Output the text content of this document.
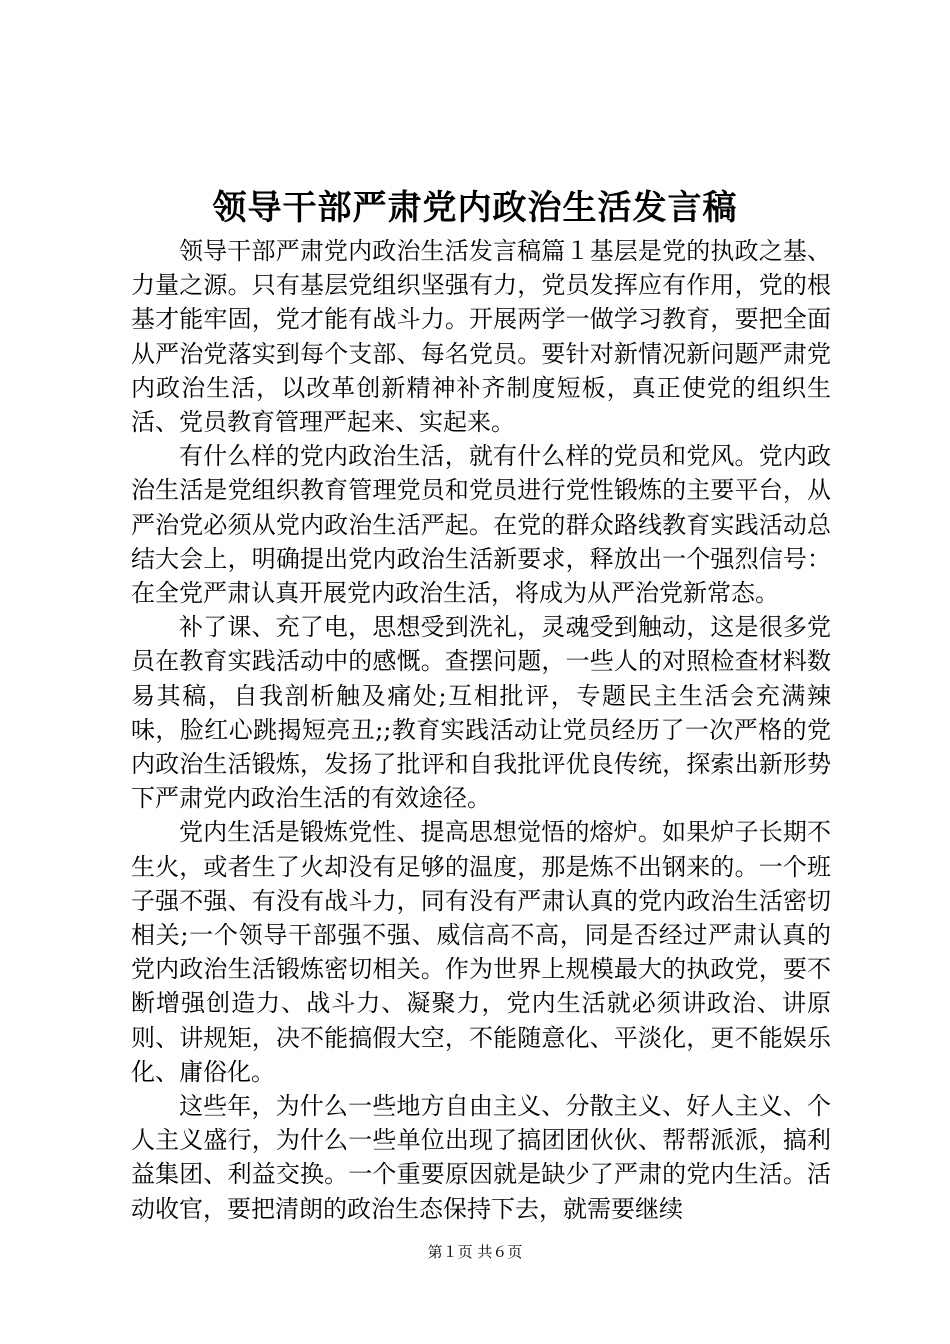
领导干部严肃党内政治生活发言稿

领导干部严肃党内政治生活发言稿篇１基层是党的执政之基、力量之源。只有基层党组织坚强有力，党员发挥应有作用，党的根基才能牢固，党才能有战斗力。开展两学一做学习教育，要把全面从严治党落实到每个支部、每名党员。要针对新情况新问题严肃党内政治生活，以改革创新精神补齐制度短板，真正使党的组织生活、党员教育管理严起来、实起来。

有什么样的党内政治生活，就有什么样的党员和党风。党内政治生活是党组织教育管理党员和党员进行党性锻炼的主要平台，从严治党必须从党内政治生活严起。在党的群众路线教育实践活动总结大会上，明确提出党内政治生活新要求，释放出一个强烈信号：在全党严肃认真开展党内政治生活，将成为从严治党新常态。

补了课、充了电，思想受到洗礼，灵魂受到触动，这是很多党员在教育实践活动中的感慨。查摆问题，一些人的对照检查材料数易其稿，自我剖析触及痛处;互相批评，专题民主生活会充满辣味，脸红心跳揭短亮丑;;教育实践活动让党员经历了一次严格的党内政治生活锻炼，发扬了批评和自我批评优良传统，探索出新形势下严肃党内政治生活的有效途径。

党内生活是锻炼党性、提高思想觉悟的熔炉。如果炉子长期不生火，或者生了火却没有足够的温度，那是炼不出钢来的。一个班子强不强、有没有战斗力，同有没有严肃认真的党内政治生活密切相关;一个领导干部强不强、威信高不高，同是否经过严肃认真的党内政治生活锻炼密切相关。作为世界上规模最大的执政党，要不断增强创造力、战斗力、凝聚力，党内生活就必须讲政治、讲原则、讲规矩，决不能搞假大空，不能随意化、平淡化，更不能娱乐化、庸俗化。

这些年，为什么一些地方自由主义、分散主义、好人主义、个人主义盛行，为什么一些单位出现了搞团团伙伙、帮帮派派，搞利益集团、利益交换。一个重要原因就是缺少了严肃的党内生活。活动收官，要把清朗的政治生态保持下去，就需要继续

第１页 共６页
